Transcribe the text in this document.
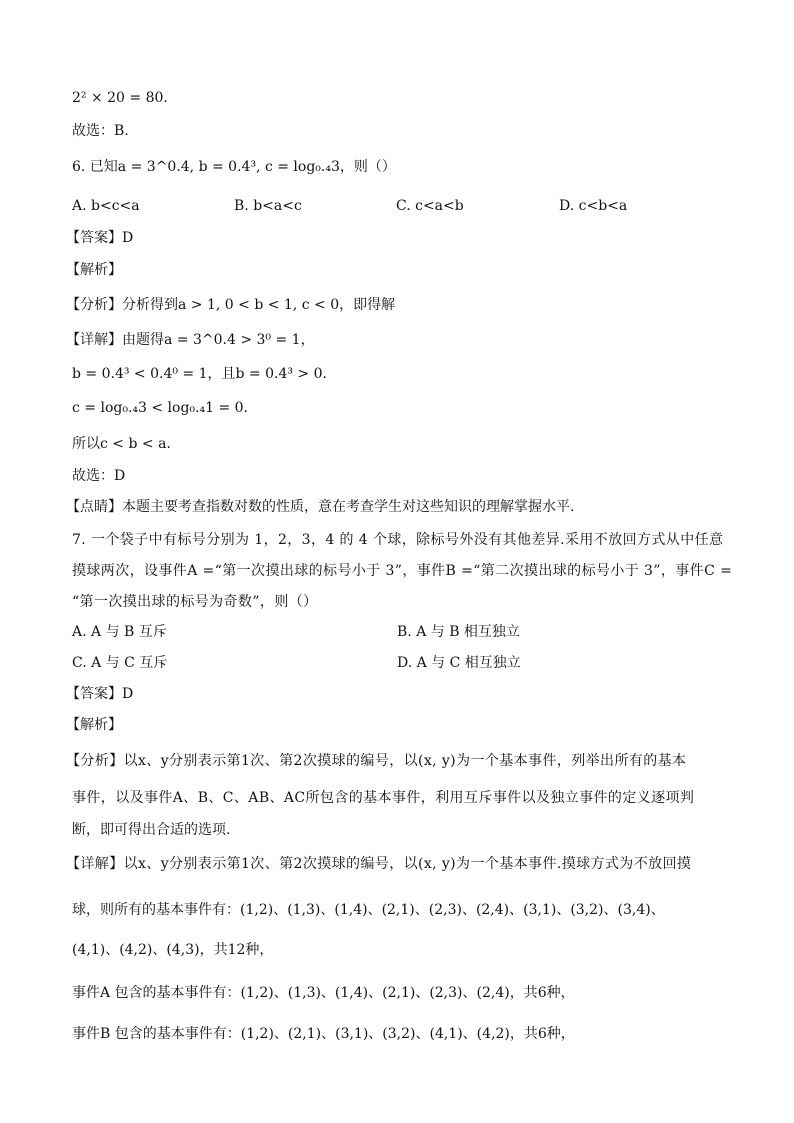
2² × 20 = 80.
故选：B.
6. 已知a = 3^0.4, b = 0.4³, c = log₀.₄3，则（）
A. b<c<a	B. b<a<c	C. c<a<b	D. c<b<a
【答案】D
【解析】
【分析】分析得到a > 1, 0 < b < 1, c < 0，即得解
【详解】由题得a = 3^0.4 > 3⁰ = 1，
b = 0.4³ < 0.4⁰ = 1，且b = 0.4³ > 0.
c = log₀.₄3 < log₀.₄1 = 0.
所以c < b < a.
故选：D
【点睛】本题主要考查指数对数的性质，意在考查学生对这些知识的理解掌握水平.
7. 一个袋子中有标号分别为 1，2，3，4 的 4 个球，除标号外没有其他差异.采用不放回方式从中任意
摸球两次，设事件A =“第一次摸出球的标号小于 3”，事件B =“第二次摸出球的标号小于 3”，事件C =
“第一次摸出球的标号为奇数”，则（）
A. A 与 B 互斥	B. A 与 B 相互独立
C. A 与 C 互斥	D. A 与 C 相互独立
【答案】D
【解析】
【分析】以x、y分别表示第1次、第2次摸球的编号，以(x, y)为一个基本事件，列举出所有的基本
事件，以及事件A、B、C、AB、AC所包含的基本事件，利用互斥事件以及独立事件的定义逐项判
断，即可得出合适的选项.
【详解】以x、y分别表示第1次、第2次摸球的编号，以(x, y)为一个基本事件.摸球方式为不放回摸
球，则所有的基本事件有：(1,2)、(1,3)、(1,4)、(2,1)、(2,3)、(2,4)、(3,1)、(3,2)、(3,4)、
(4,1)、(4,2)、(4,3)，共12种，
事件A 包含的基本事件有：(1,2)、(1,3)、(1,4)、(2,1)、(2,3)、(2,4)，共6种，
事件B 包含的基本事件有：(1,2)、(2,1)、(3,1)、(3,2)、(4,1)、(4,2)，共6种，
